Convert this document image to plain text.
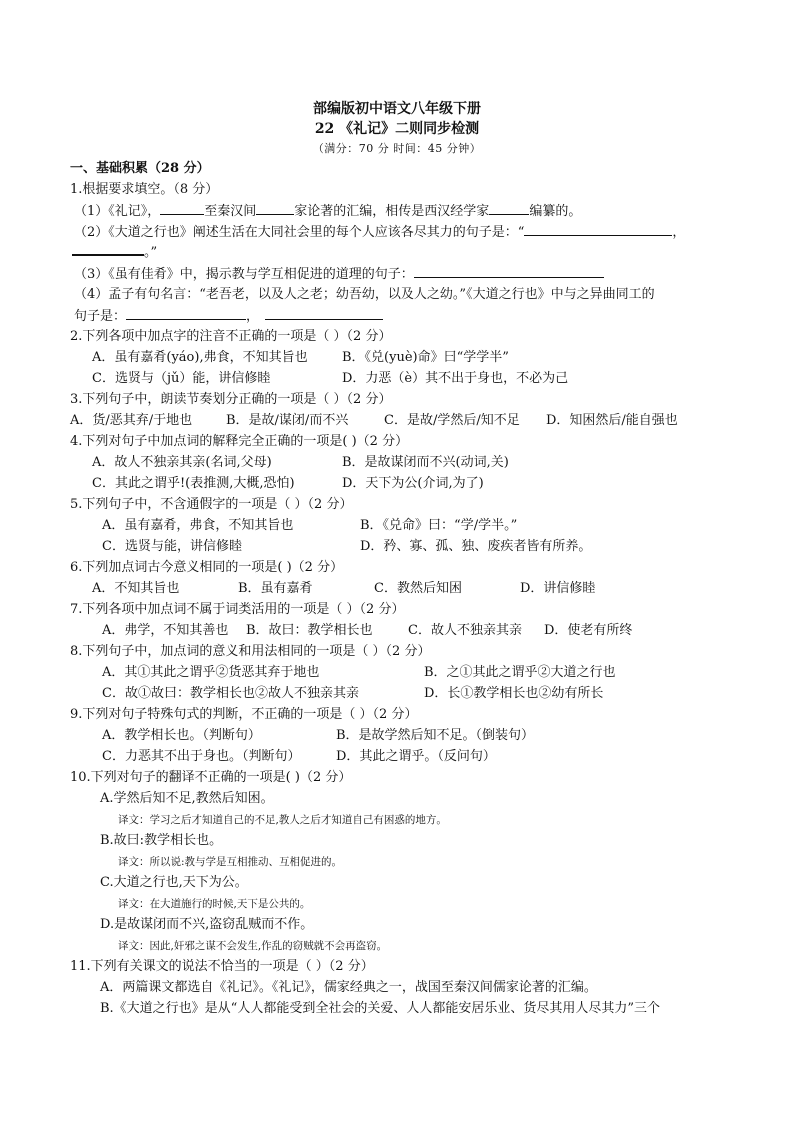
部编版初中语文八年级下册
22 《礼记》二则同步检测
（满分：70 分 时间：45 分钟）
一、基础积累（28 分）
1.根据要求填空。（8 分）
（1）《礼记》，	至秦汉间	家论著的汇编，相传是西汉经学家	编纂的。
（2）《大道之行也》阐述生活在大同社会里的每个人应该各尽其力的句子是：“	，
。”
（3）《虽有佳肴》中，揭示教与学互相促进的道理的句子：
（4）孟子有句名言：“老吾老，以及人之老；幼吾幼，以及人之幼。”《大道之行也》中与之异曲同工的
句子是：	，
2.下列各项中加点字的注音不正确的一项是（ ）（2 分）
A．虽有嘉肴(yáo),弗食，不知其旨也	B．《兑(yuè)命》曰“学学半”
C．选贤与（jǔ）能，讲信修睦	D．力恶（è）其不出于身也，不必为己
3.下列句子中，朗读节奏划分正确的一项是（ ）（2 分）
A．货/恶其弃/于地也	B．是故/谋闭/而不兴	C．是故/学然后/知不足 D．知困然后/能自强也
4.下列对句子中加点词的解释完全正确的一项是( )（2 分）
A．故人不独亲其亲(名词,父母)	B．是故谋闭而不兴(动词,关)
C．其此之谓乎!(表推测,大概,恐怕)	D．天下为公(介词,为了)
5.下列句子中，不含通假字的一项是（ ）（2 分）
A．虽有嘉肴，弗食，不知其旨也	B．《兑命》曰：“学/学半。”
C．选贤与能，讲信修睦	D．矜、寡、孤、独、废疾者皆有所养。
6.下列加点词古今意义相同的一项是( )（2 分）
A．不知其旨也	B．虽有嘉肴	C．教然后知困	D．讲信修睦
7.下列各项中加点词不属于词类活用的一项是（ ）（2 分）
A．弗学，不知其善也 B．故曰：教学相长也	C．故人不独亲其亲 D．使老有所终
8.下列句子中，加点词的意义和用法相同的一项是（ ）（2 分）
A．其①其此之谓乎②货恶其弃于地也	B．之①其此之谓乎②大道之行也
C．故①故曰：教学相长也②故人不独亲其亲	D．长①教学相长也②幼有所长
9.下列对句子特殊句式的判断，不正确的一项是（ ）（2 分）
A．教学相长也。（判断句）	B．是故学然后知不足。（倒装句）
C．力恶其不出于身也。（判断句）	D．其此之谓乎。（反问句）
10.下列对句子的翻译不正确的一项是( )（2 分）
A.学然后知不足,教然后知困。
译文：学习之后才知道自己的不足,教人之后才知道自己有困惑的地方。
B.故曰:教学相长也。
译文：所以说:教与学是互相推动、互相促进的。
C.大道之行也,天下为公。
译文：在大道施行的时候,天下是公共的。
D.是故谋闭而不兴,盗窃乱贼而不作。
译文：因此,奸邪之谋不会发生,作乱的窃贼就不会再盗窃。
11.下列有关课文的说法不恰当的一项是（ ）（2 分）
A．两篇课文都选自《礼记》。《礼记》，儒家经典之一，战国至秦汉间儒家论著的汇编。
B.《大道之行也》是从“人人都能受到全社会的关爱、人人都能安居乐业、货尽其用人尽其力”三个
